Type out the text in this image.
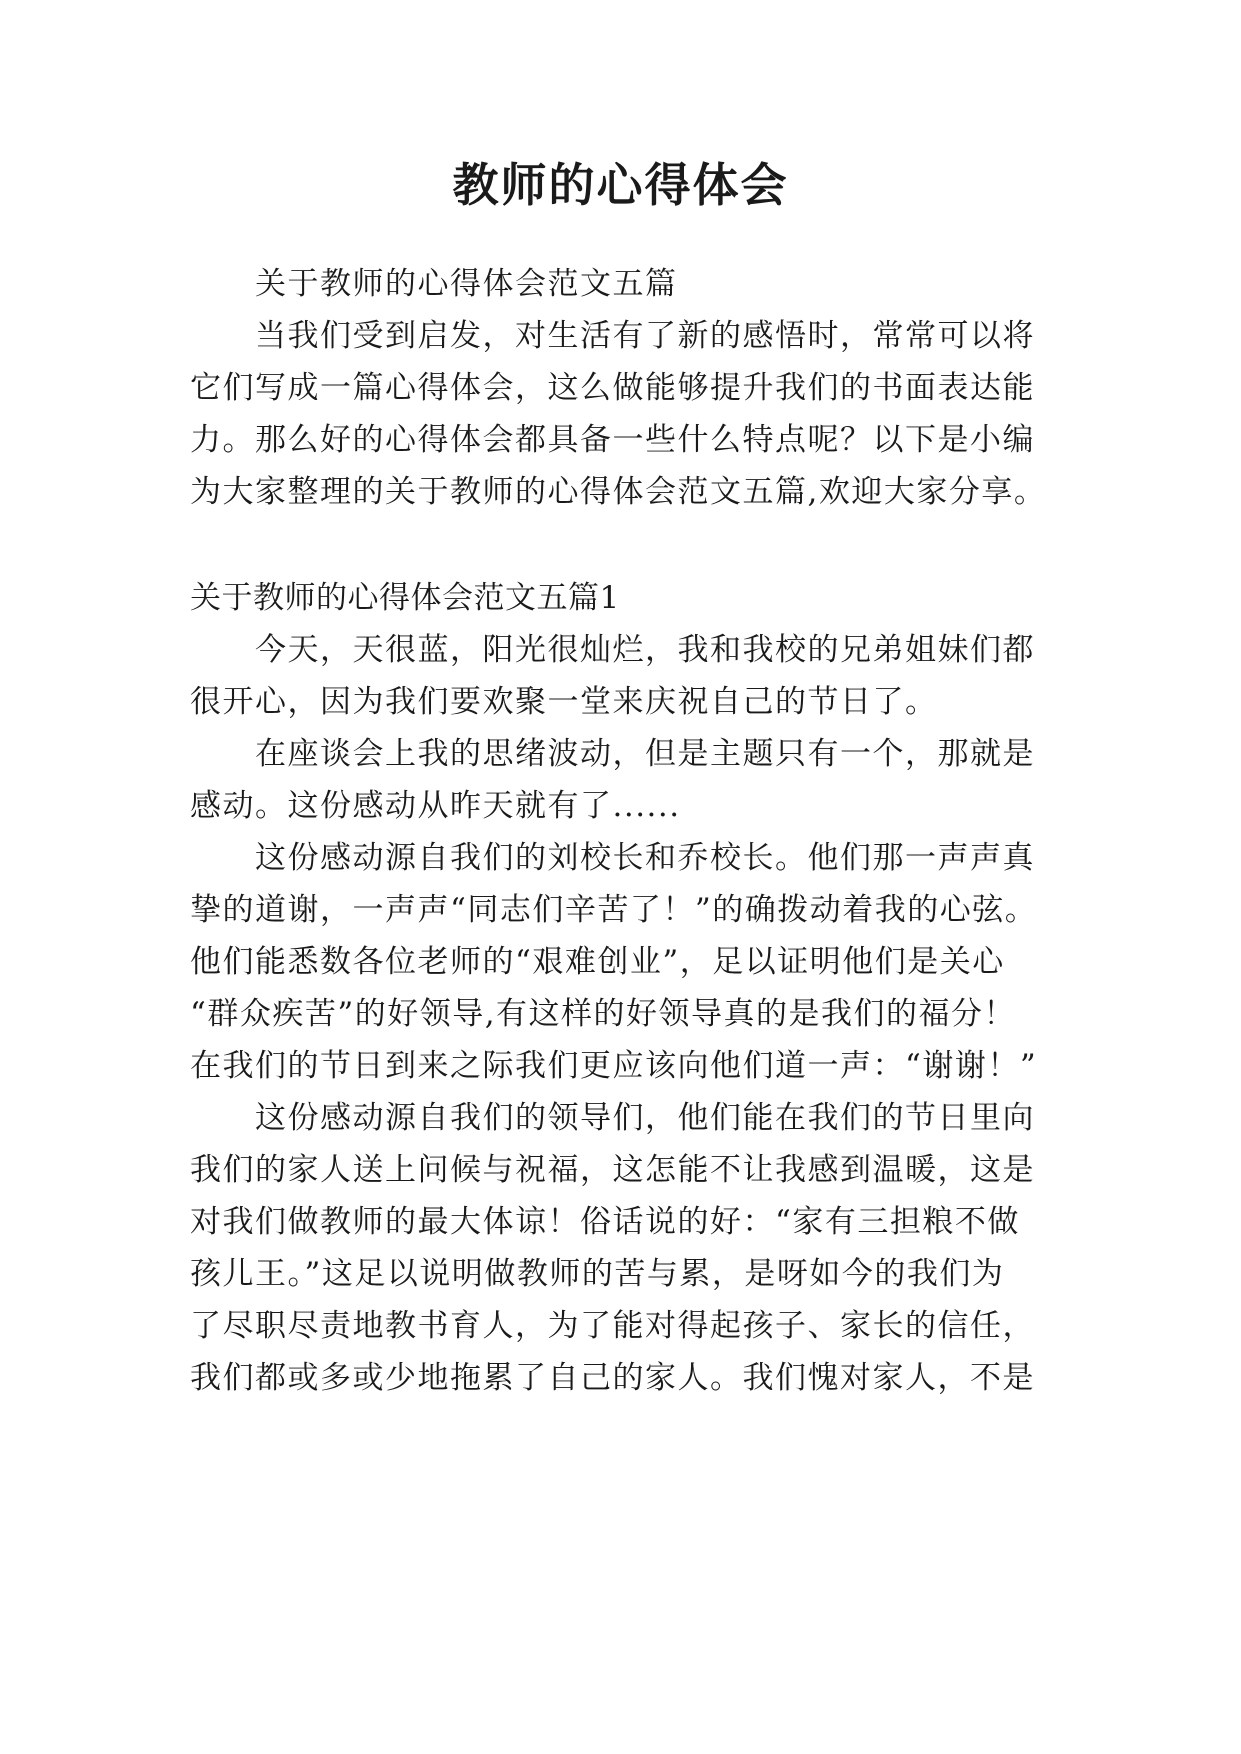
教师的心得体会

关于教师的心得体会范文五篇

当我们受到启发，对生活有了新的感悟时，常常可以将

它们写成一篇心得体会，这么做能够提升我们的书面表达能

力。那么好的心得体会都具备一些什么特点呢？以下是小编

为大家整理的关于教师的心得体会范文五篇,欢迎大家分享。

关于教师的心得体会范文五篇1

今天，天很蓝，阳光很灿烂，我和我校的兄弟姐妹们都

很开心，因为我们要欢聚一堂来庆祝自己的节日了。

在座谈会上我的思绪波动，但是主题只有一个，那就是

感动。这份感动从昨天就有了......

这份感动源自我们的刘校长和乔校长。他们那一声声真

挚的道谢，一声声“同志们辛苦了！”的确拨动着我的心弦。

他们能悉数各位老师的“艰难创业”，足以证明他们是关心

“群众疾苦”的好领导,有这样的好领导真的是我们的福分！

在我们的节日到来之际我们更应该向他们道一声：“谢谢！”

这份感动源自我们的领导们，他们能在我们的节日里向

我们的家人送上问候与祝福，这怎能不让我感到温暖，这是

对我们做教师的最大体谅！俗话说的好：“家有三担粮不做

孩儿王。”这足以说明做教师的苦与累，是呀如今的我们为

了尽职尽责地教书育人，为了能对得起孩子、家长的信任，

我们都或多或少地拖累了自己的家人。我们愧对家人，不是
